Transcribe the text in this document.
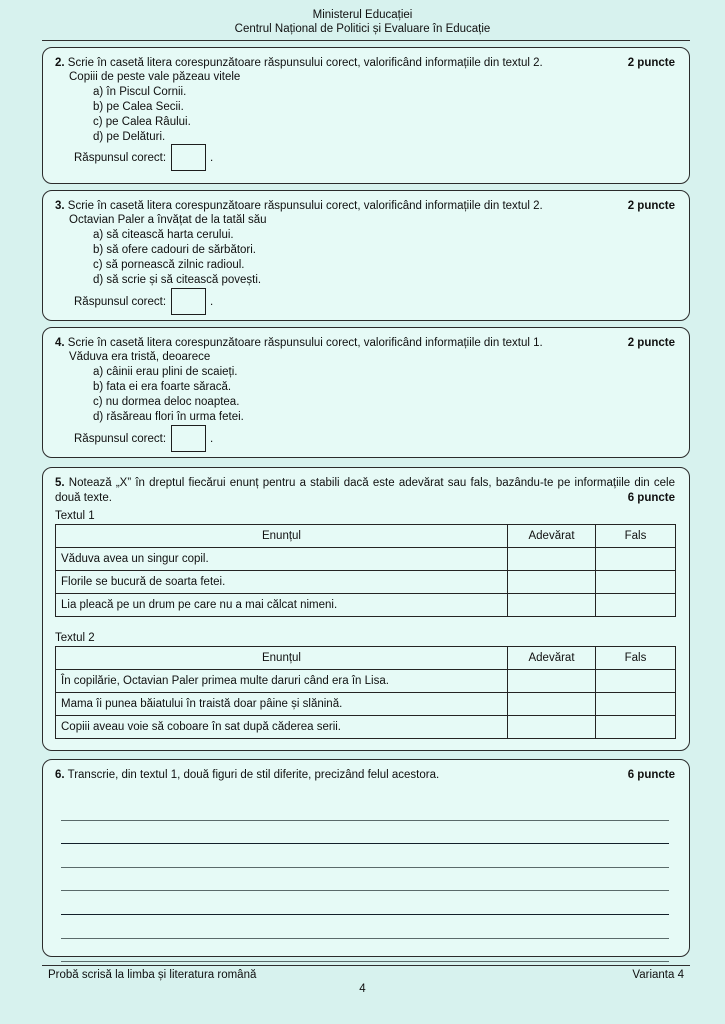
Ministerul Educației
Centrul Național de Politici și Evaluare în Educație
2. Scrie în casetă litera corespunzătoare răspunsului corect, valorificând informațiile din textul 2.	2 puncte
Copiii de peste vale păzeau vitele
a) în Piscul Cornii.
b) pe Calea Secii.
c) pe Calea Râului.
d) pe Delături.
Răspunsul corect:	.
3. Scrie în casetă litera corespunzătoare răspunsului corect, valorificând informațiile din textul 2.	2 puncte
Octavian Paler a învățat de la tatăl său
a) să citească harta cerului.
b) să ofere cadouri de sărbători.
c) să pornească zilnic radioul.
d) să scrie și să citească povești.
Răspunsul corect:	.
4. Scrie în casetă litera corespunzătoare răspunsului corect, valorificând informațiile din textul 1.	2 puncte
Văduva era tristă, deoarece
a) câinii erau plini de scaieți.
b) fata ei era foarte săracă.
c) nu dormea deloc noaptea.
d) răsăreau flori în urma fetei.
Răspunsul corect:	.
5. Notează „X” în dreptul fiecărui enunț pentru a stabili dacă este adevărat sau fals, bazându-te pe informațiile din cele două texte.	6 puncte
Textul 1
Enunțul	Adevărat	Fals
Văduva avea un singur copil.		
Florile se bucură de soarta fetei.		
Lia pleacă pe un drum pe care nu a mai călcat nimeni.		
Textul 2
Enunțul	Adevărat	Fals
În copilărie, Octavian Paler primea multe daruri când era în Lisa.		
Mama îi punea băiatului în traistă doar pâine și slănină.		
Copiii aveau voie să coboare în sat după căderea serii.		
6. Transcrie, din textul 1, două figuri de stil diferite, precizând felul acestora.	6 puncte
Probă scrisă la limba și literatura română	Varianta 4
4
